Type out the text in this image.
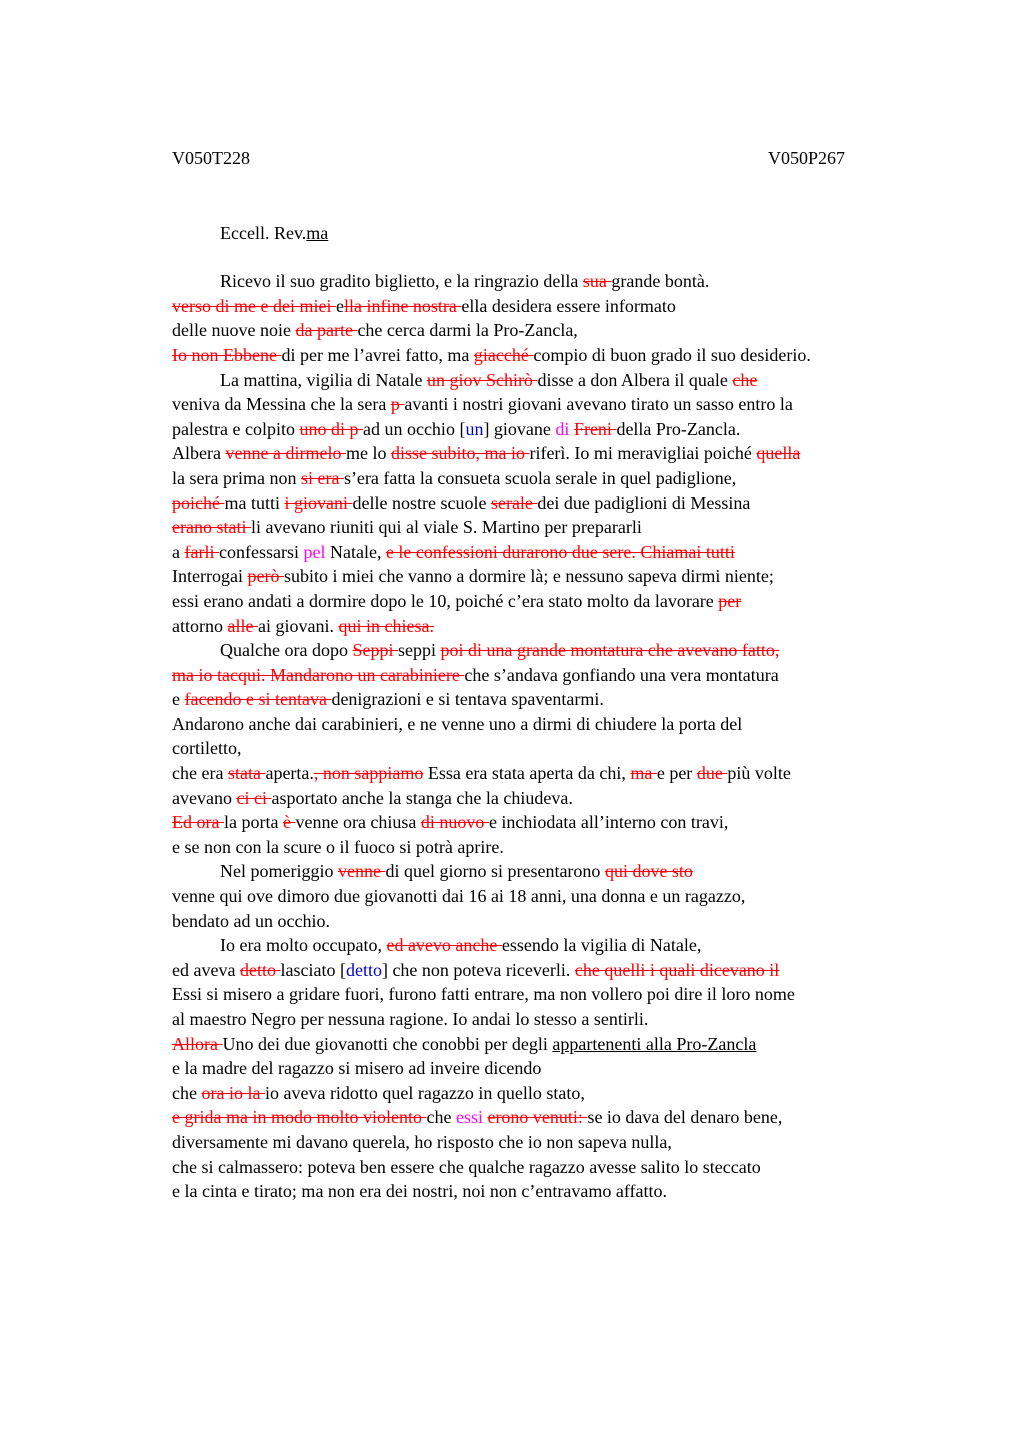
V050T228	V050P267
Eccell. Rev.ma
Ricevo il suo gradito biglietto, e la ringrazio della sua grande bontà.
verso di me e dei miei ella infine nostra ella desidera essere informato
delle nuove noie da parte che cerca darmi la Pro-Zancla,
Io non Ebbene di per me l’avrei fatto, ma giacché compio di buon grado il suo desiderio.
La mattina, vigilia di Natale un giov Schirò disse a don Albera il quale che
veniva da Messina che la sera p avanti i nostri giovani avevano tirato un sasso entro la
palestra e colpito uno di p ad un occhio [un] giovane di Freni della Pro-Zancla.
Albera venne a dirmelo me lo disse subito, ma io riferì. Io mi meravigliai poiché quella
la sera prima non si era s’era fatta la consueta scuola serale in quel padiglione,
poiché ma tutti i giovani delle nostre scuole serale dei due padiglioni di Messina
erano stati li avevano riuniti qui al viale S. Martino per prepararli
a farli confessarsi pel Natale, e le confessioni durarono due sere. Chiamai tutti
Interrogai però subito i miei che vanno a dormire là; e nessuno sapeva dirmi niente;
essi erano andati a dormire dopo le 10, poiché c’era stato molto da lavorare per
attorno alle ai giovani. qui in chiesa.
Qualche ora dopo Seppi seppi poi di una grande montatura che avevano fatto,
ma io tacqui. Mandarono un carabiniere che s’andava gonfiando una vera montatura
e facendo e si tentava denigrazioni e si tentava spaventarmi.
Andarono anche dai carabinieri, e ne venne uno a dirmi di chiudere la porta del
cortiletto,
che era stata aperta., non sappiamo Essa era stata aperta da chi, ma e per due più volte
avevano ci ci asportato anche la stanga che la chiudeva.
Ed ora la porta è venne ora chiusa di nuovo e inchiodata all’interno con travi,
e se non con la scure o il fuoco si potrà aprire.
Nel pomeriggio venne di quel giorno si presentarono qui dove sto
venne qui ove dimoro due giovanotti dai 16 ai 18 anni, una donna e un ragazzo,
bendato ad un occhio.
Io era molto occupato, ed avevo anche essendo la vigilia di Natale,
ed aveva detto lasciato [detto] che non poteva riceverli. che quelli i quali dicevano il
Essi si misero a gridare fuori, furono fatti entrare, ma non vollero poi dire il loro nome
al maestro Negro per nessuna ragione. Io andai lo stesso a sentirli.
Allora Uno dei due giovanotti che conobbi per degli appartenenti alla Pro-Zancla
e la madre del ragazzo si misero ad inveire dicendo
che ora io la io aveva ridotto quel ragazzo in quello stato,
e grida ma in modo molto violento che essi erono venuti: se io dava del denaro bene,
diversamente mi davano querela, ho risposto che io non sapeva nulla,
che si calmassero: poteva ben essere che qualche ragazzo avesse salito lo steccato
e la cinta e tirato; ma non era dei nostri, noi non c’entravamo affatto.
